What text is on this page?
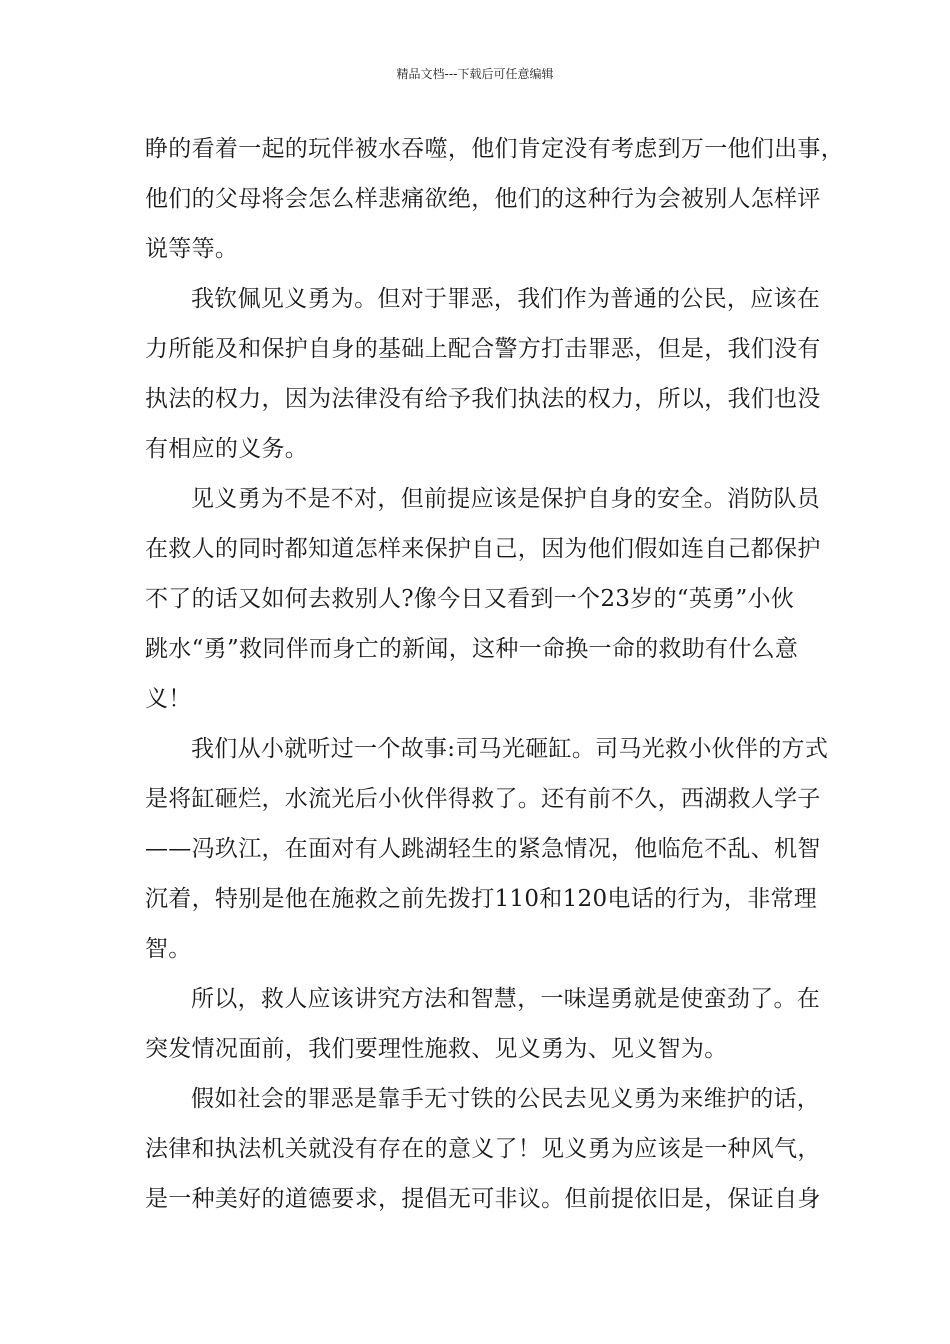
精品文档---下载后可任意编辑
睁的看着一起的玩伴被水吞噬，他们肯定没有考虑到万一他们出事，
他们的父母将会怎么样悲痛欲绝，他们的这种行为会被别人怎样评
说等等。
我钦佩见义勇为。但对于罪恶，我们作为普通的公民，应该在
力所能及和保护自身的基础上配合警方打击罪恶，但是，我们没有
执法的权力，因为法律没有给予我们执法的权力，所以，我们也没
有相应的义务。
见义勇为不是不对，但前提应该是保护自身的安全。消防队员
在救人的同时都知道怎样来保护自己，因为他们假如连自己都保护
不了的话又如何去救别人?像今日又看到一个23岁的“英勇”小伙
跳水“勇”救同伴而身亡的新闻，这种一命换一命的救助有什么意
义！
我们从小就听过一个故事:司马光砸缸。司马光救小伙伴的方式
是将缸砸烂，水流光后小伙伴得救了。还有前不久，西湖救人学子
——冯玖江，在面对有人跳湖轻生的紧急情况，他临危不乱、机智
沉着，特别是他在施救之前先拨打110和120电话的行为，非常理
智。
所以，救人应该讲究方法和智慧，一味逞勇就是使蛮劲了。在
突发情况面前，我们要理性施救、见义勇为、见义智为。
假如社会的罪恶是靠手无寸铁的公民去见义勇为来维护的话，
法律和执法机关就没有存在的意义了！见义勇为应该是一种风气，
是一种美好的道德要求，提倡无可非议。但前提依旧是，保证自身
